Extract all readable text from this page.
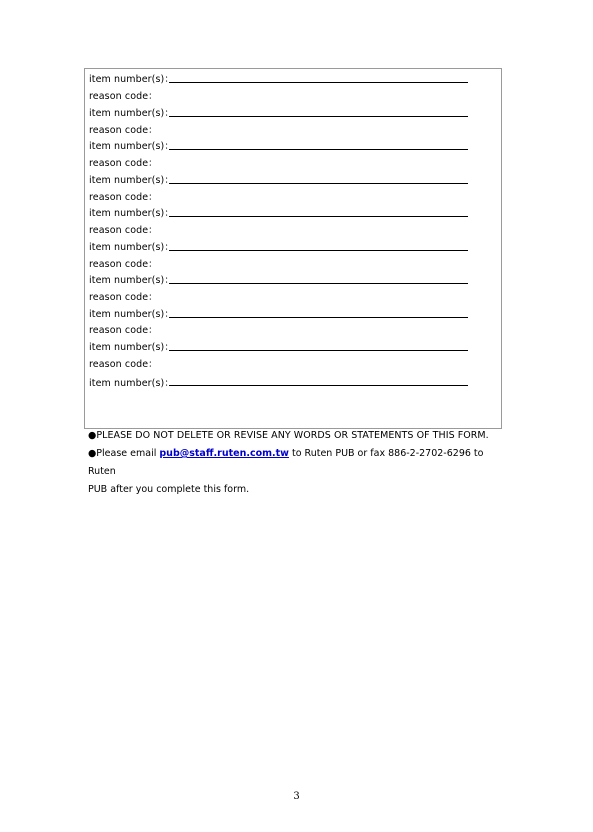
item number(s)：
reason code：
item number(s)：
reason code：
item number(s)：
reason code：
item number(s)：
reason code：
item number(s)：
reason code：
item number(s)：
reason code：
item number(s)：
reason code：
item number(s)：
reason code：
item number(s)：
reason code：
item number(s)：

●PLEASE DO NOT DELETE OR REVISE ANY WORDS OR STATEMENTS OF THIS FORM.

●Please email pub@staff.ruten.com.tw to Ruten PUB or fax 886-2-2702-6296 to Ruten
PUB after you complete this form.

3
